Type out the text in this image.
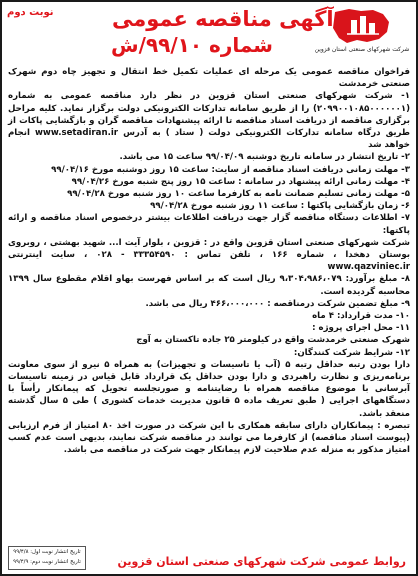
نوبت دوم	آگهی مناقصه عمومی
شماره ۹۹/۱۰/ش	شرکت شهرکهای صنعتی استان قزوین

فراخوان مناقصه عمومی یک مرحله ای عملیات تکمیل خط انتقال و تجهیز چاه دوم شهرک صنعتی خرمدشت

۱- شرکت شهرکهای صنعتی استان قزوین در نظر دارد مناقصه عمومی به شماره (۲۰۹۹۰۰۱۰۸۵۰۰۰۰۰۰۱) را از طریق سامانه تدارکات الکترونیکی دولت برگزار نماید. کلیه مراحل برگزاری مناقصه از دریافت اسناد مناقصه تا ارائه پیشنهادات مناقصه گران و بازگشایی پاکات از طریق درگاه سامانه تدارکات الکترونیکی دولت ( ستاد ) به آدرس www.setadiran.ir انجام خواهد شد

۲- تاریخ انتشار در سامانه تاریخ دوشنبه ۹۹/۰۴/۰۹ ساعت ۱۵ می باشد.

۳- مهلت زمانی دریافت اسناد مناقصه از سایت: ساعت ۱۵ روز دوشنبه مورخ ۹۹/۰۴/۱۶

۴- مهلت زمانی ارائه پیشنهاد در سامانه : ساعت ۱۵ روز پنج شنبه مورخ ۹۹/۰۴/۲۶

۵- مهلت زمانی تسلیم ضمانت نامه به کارفرما ساعت ۱۰ روز شنبه مورخ ۹۹/۰۴/۲۸

۶- زمان بازگشایی پاکتها : ساعت ۱۱ روز شنبه مورخ ۹۹/۰۴/۲۸

۷- اطلاعات دستگاه مناقصه گزار جهت دریافت اطلاعات بیشتر درخصوص اسناد مناقصه و ارائه پاکتها:

شرکت شهرکهای صنعتی استان قزوین واقع در : قزوین ، بلوار آیت ا... شهید بهشتی ، روبروی بوستان دهخدا ، شماره ۱۶۶ ، تلفن تماس : ۳۳۳۵۴۵۹۰ - ۰۲۸ ، سایت اینترنتی www.qazviniec.ir

۸- مبلغ برآورد: ۹،۳۰۴،۹۸۶،۰۷۹ ریال است که بر اساس فهرست بهاو اقلام مقطوع سال ۱۳۹۹ محاسبه گردیده است.

۹- مبلغ تضمین شرکت درمناقصه : ۴۶۶،۰۰۰،۰۰۰ ریال می باشد.

۱۰- مدت قرارداد: ۴ ماه

۱۱- محل اجرای پروژه :

شهرک صنعتی خرمدشت واقع در کیلومتر ۲۵ جاده تاکستان به آوج

۱۲- شرایط شرکت کنندگان:

دارا بودن رتبه حداقل رتبه ۵ (آب یا تاسیسات و تجهیزات) به همراه ۵ نیرو از سوی معاونت برنامه‌ریزی و نظارت راهبردی و دارا بودن حداقل یک قرارداد قابل قیاس در زمینه تاسیسات آبرسانی با موضوع مناقصه همراه با رضایتنامه و صورتجلسه تحویل که پیمانکار رأساً با دستگاههای اجرایی ( طبق تعریف ماده ۵ قانون مدیریت خدمات کشوری ) طی ۵ سال گذشته منعقد باشد.

تبصره : پیمانکاران دارای سابقه همکاری با این شرکت در صورت اخذ ۸۰ امتیاز از فرم ارزیابی (پیوست اسناد مناقصه) از کارفرما می توانند در مناقصه شرکت نمایند، بدیهی است عدم کسب امتیاز مذکور به منزله عدم صلاحیت لازم پیمانکار جهت شرکت در مناقصه می باشد.

تاریخ انتشار نوبت اول: ۹۹/۴/۸
تاریخ انتشار نوبت دوم: ۹۹/۴/۹	روابط عمومی شرکت شهرکهای صنعتی استان قزوین
